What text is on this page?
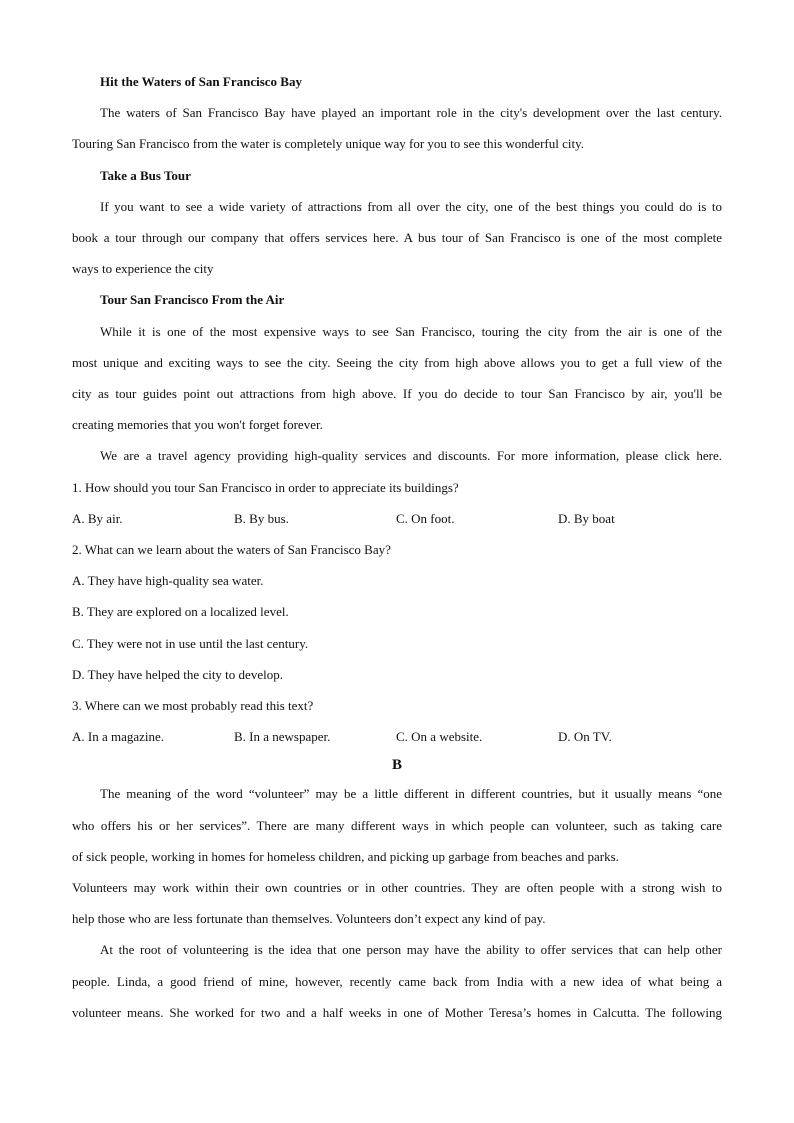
Hit the Waters of San Francisco Bay

The waters of San Francisco Bay have played an important role in the city's development over the last century.

Touring San Francisco from the water is completely unique way for you to see this wonderful city.

Take a Bus Tour

If you want to see a wide variety of attractions from all over the city, one of the best things you could do is to

book a tour through our company that offers services here. A bus tour of San Francisco is one of the most complete

ways to experience the city

Tour San Francisco From the Air

While it is one of the most expensive ways to see San Francisco, touring the city from the air is one of the

most unique and exciting ways to see the city. Seeing the city from high above allows you to get a full view of the

city as tour guides point out attractions from high above. If you do decide to tour San Francisco by air, you'll be

creating memories that you won't forget forever.

We are a travel agency providing high-quality services and discounts. For more information, please click here.

1. How should you tour San Francisco in order to appreciate its buildings?

A. By air.	B. By bus.	C. On foot.	D. By boat

2. What can we learn about the waters of San Francisco Bay?

A. They have high-quality sea water.

B. They are explored on a localized level.

C. They were not in use until the last century.

D. They have helped the city to develop.

3. Where can we most probably read this text?

A. In a magazine.	B. In a newspaper.	C. On a website.	D. On TV.
B

The meaning of the word “volunteer” may be a little different in different countries, but it usually means “one

who offers his or her services”. There are many different ways in which people can volunteer, such as taking care

of sick people, working in homes for homeless children, and picking up garbage from beaches and parks.

Volunteers may work within their own countries or in other countries. They are often people with a strong wish to

help those who are less fortunate than themselves. Volunteers don’t expect any kind of pay.

At the root of volunteering is the idea that one person may have the ability to offer services that can help other

people. Linda, a good friend of mine, however, recently came back from India with a new idea of what being a

volunteer means. She worked for two and a half weeks in one of Mother Teresa’s homes in Calcutta. The following
